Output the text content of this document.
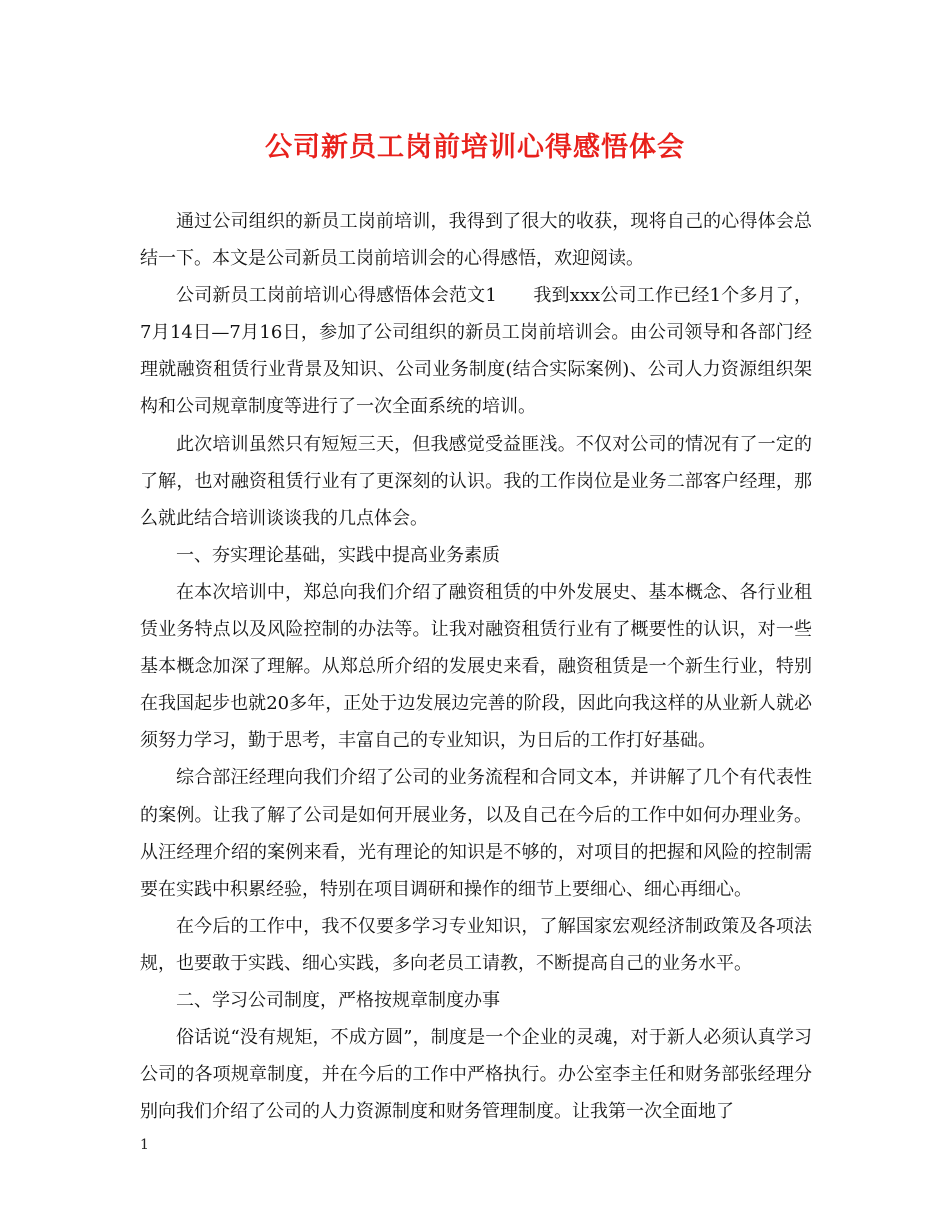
公司新员工岗前培训心得感悟体会

通过公司组织的新员工岗前培训，我得到了很大的收获，现将自己的心得体会总结一下。本文是公司新员工岗前培训会的心得感悟，欢迎阅读。

公司新员工岗前培训心得感悟体会范文1　　我到xxx公司工作已经1个多月了，7月14日—7月16日，参加了公司组织的新员工岗前培训会。由公司领导和各部门经理就融资租赁行业背景及知识、公司业务制度(结合实际案例)、公司人力资源组织架构和公司规章制度等进行了一次全面系统的培训。

此次培训虽然只有短短三天，但我感觉受益匪浅。不仅对公司的情况有了一定的了解，也对融资租赁行业有了更深刻的认识。我的工作岗位是业务二部客户经理，那么就此结合培训谈谈我的几点体会。

一、夯实理论基础，实践中提高业务素质

在本次培训中，郑总向我们介绍了融资租赁的中外发展史、基本概念、各行业租赁业务特点以及风险控制的办法等。让我对融资租赁行业有了概要性的认识，对一些基本概念加深了理解。从郑总所介绍的发展史来看，融资租赁是一个新生行业，特别在我国起步也就20多年，正处于边发展边完善的阶段，因此向我这样的从业新人就必须努力学习，勤于思考，丰富自己的专业知识，为日后的工作打好基础。

综合部汪经理向我们介绍了公司的业务流程和合同文本，并讲解了几个有代表性的案例。让我了解了公司是如何开展业务，以及自己在今后的工作中如何办理业务。从汪经理介绍的案例来看，光有理论的知识是不够的，对项目的把握和风险的控制需要在实践中积累经验，特别在项目调研和操作的细节上要细心、细心再细心。

在今后的工作中，我不仅要多学习专业知识，了解国家宏观经济制政策及各项法规，也要敢于实践、细心实践，多向老员工请教，不断提高自己的业务水平。

二、学习公司制度，严格按规章制度办事

俗话说“没有规矩，不成方圆”，制度是一个企业的灵魂，对于新人必须认真学习公司的各项规章制度，并在今后的工作中严格执行。办公室李主任和财务部张经理分别向我们介绍了公司的人力资源制度和财务管理制度。让我第一次全面地了

1
